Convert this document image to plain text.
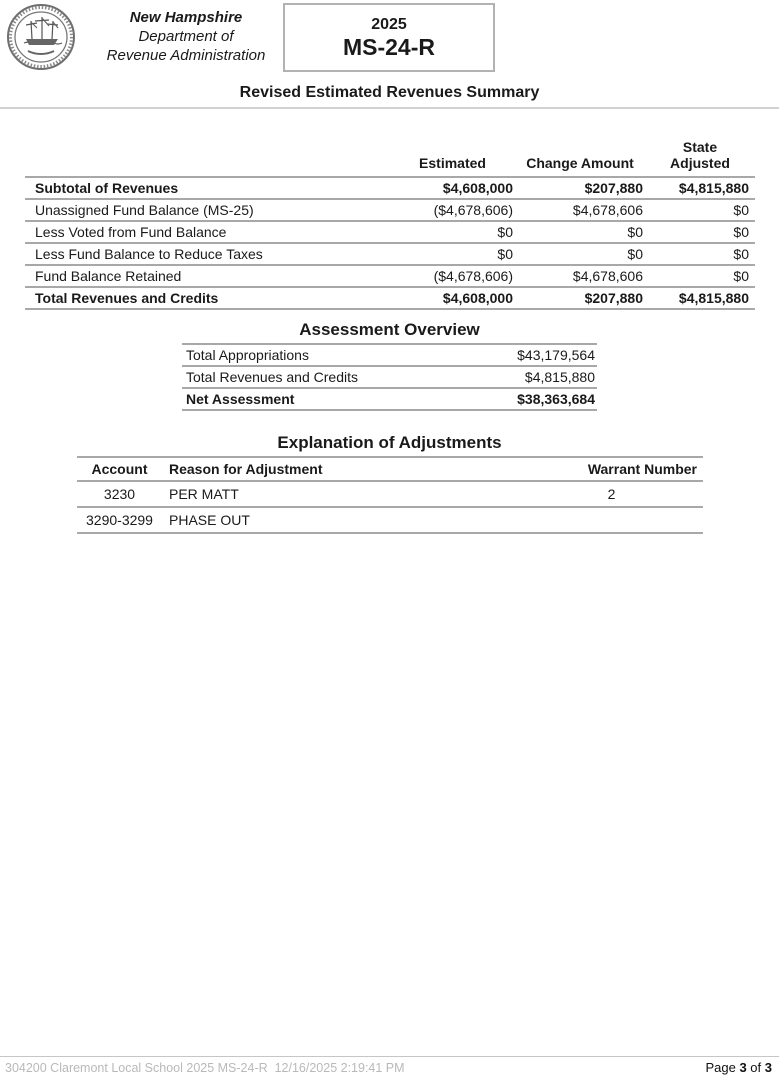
New Hampshire
Department of
Revenue Administration
2025
MS-24-R
Revised Estimated Revenues Summary
	Estimated	Change Amount	State
Adjusted

Subtotal of Revenues	$4,608,000	$207,880	$4,815,880
Unassigned Fund Balance (MS-25)	($4,678,606)	$4,678,606	$0
Less Voted from Fund Balance	$0	$0	$0
Less Fund Balance to Reduce Taxes	$0	$0	$0
Fund Balance Retained	($4,678,606)	$4,678,606	$0
Total Revenues and Credits	$4,608,000	$207,880	$4,815,880
Assessment Overview
Total Appropriations	$43,179,564
Total Revenues and Credits	$4,815,880
Net Assessment	$38,363,684
Explanation of Adjustments
Account	Reason for Adjustment	Warrant Number
3230	PER MATT	2
3290-3299	PHASE OUT	
304200 Claremont Local School 2025 MS-24-R  12/16/2025 2:19:41 PM	Page 3 of 3
